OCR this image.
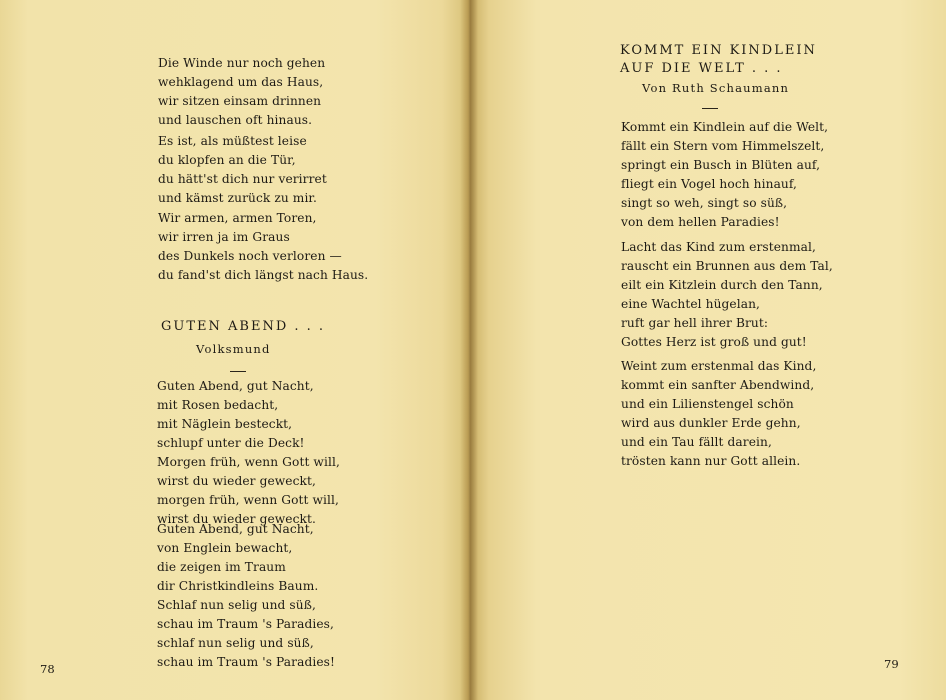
Die Winde nur noch gehen
wehklagend um das Haus,
wir sitzen einsam drinnen
und lauschen oft hinaus.
Es ist, als müßtest leise
du klopfen an die Tür,
du hätt'st dich nur verirret
und kämst zurück zu mir.
Wir armen, armen Toren,
wir irren ja im Graus
des Dunkels noch verloren —
du fand'st dich längst nach Haus.
GUTEN ABEND . . .
Volksmund
Guten Abend, gut Nacht,
mit Rosen bedacht,
mit Näglein besteckt,
schlupf unter die Deck!
Morgen früh, wenn Gott will,
wirst du wieder geweckt,
morgen früh, wenn Gott will,
wirst du wieder geweckt.
Guten Abend, gut Nacht,
von Englein bewacht,
die zeigen im Traum
dir Christkindleins Baum.
Schlaf nun selig und süß,
schau im Traum 's Paradies,
schlaf nun selig und süß,
schau im Traum 's Paradies!
78
KOMMT EIN KINDLEIN
AUF DIE WELT . . .
Von Ruth Schaumann
Kommt ein Kindlein auf die Welt,
fällt ein Stern vom Himmelszelt,
springt ein Busch in Blüten auf,
fliegt ein Vogel hoch hinauf,
singt so weh, singt so süß,
von dem hellen Paradies!
Lacht das Kind zum erstenmal,
rauscht ein Brunnen aus dem Tal,
eilt ein Kitzlein durch den Tann,
eine Wachtel hügelan,
ruft gar hell ihrer Brut:
Gottes Herz ist groß und gut!
Weint zum erstenmal das Kind,
kommt ein sanfter Abendwind,
und ein Lilienstengel schön
wird aus dunkler Erde gehn,
und ein Tau fällt darein,
trösten kann nur Gott allein.
79
